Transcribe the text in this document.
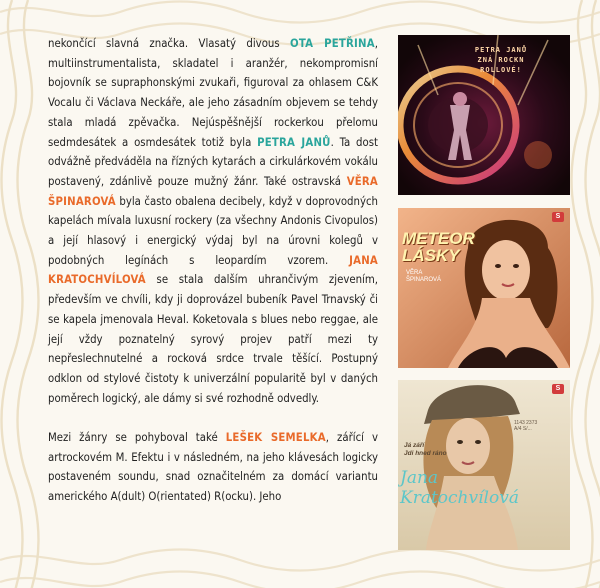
nekončící slavná značka. Vlasatý divous OTA PETŘINA, multiinstrumentalista, skladatel i aranžér, nekompromisní bojovník se supraphonskými zvukaři, figuroval za ohlasem C&K Vocalu či Václava Neckáře, ale jeho zásadním objevem se tehdy stala mladá zpěvačka. Nejúspěšnější rockerkou přelomu sedmdesátek a osmdesátek totiž byla PETRA JANŮ. Ta dost odvážně předváděla na řízných kytarách a cirkulárkovém vokálu postavený, zdánlivě pouze mužný žánr. Také ostravská VĚRA ŠPINAROVÁ byla často obalena decibely, když v doprovodných kapelách mívala luxusní rockery (za všechny Andonis Civopulos) a její hlasový i energický výdaj byl na úrovni kolegů v podobných legínách s leopardím vzorem. JANA KRATOCHVÍLOVÁ se stala dalším uhrančivým zjevením, především ve chvíli, kdy ji doprovázel bubeník Pavel Trnavský či se kapela jmenovala Heval. Koketovala s blues nebo reggae, ale její vždy poznatelný syrový projev patří mezi ty nepřeslechnutelné a rocková srdce trvale těšící. Postupný odklon od stylové čistoty k univerzální popularitě byl v daných poměrech logický, ale dámy si své rozhodně odvedly.

Mezi žánry se pohyboval také LEŠEK SEMELKA, zářící v artrockovém M. Efektu i v následném, na jeho klávesách logicky postaveném soundu, snad označitelném za domácí variantu amerického A(dult) O(rientated) R(ocku). Jeho

PETRA JANŮ
ZNÁ ROCKN
ROLLOVÉ!
S
METEOR
LÁSKY
VĚRA
ŠPINAROVÁ
S
1143 2373
A/4 S/...
Já září
Jdi hned ráno
Jana
Kratochvílová
